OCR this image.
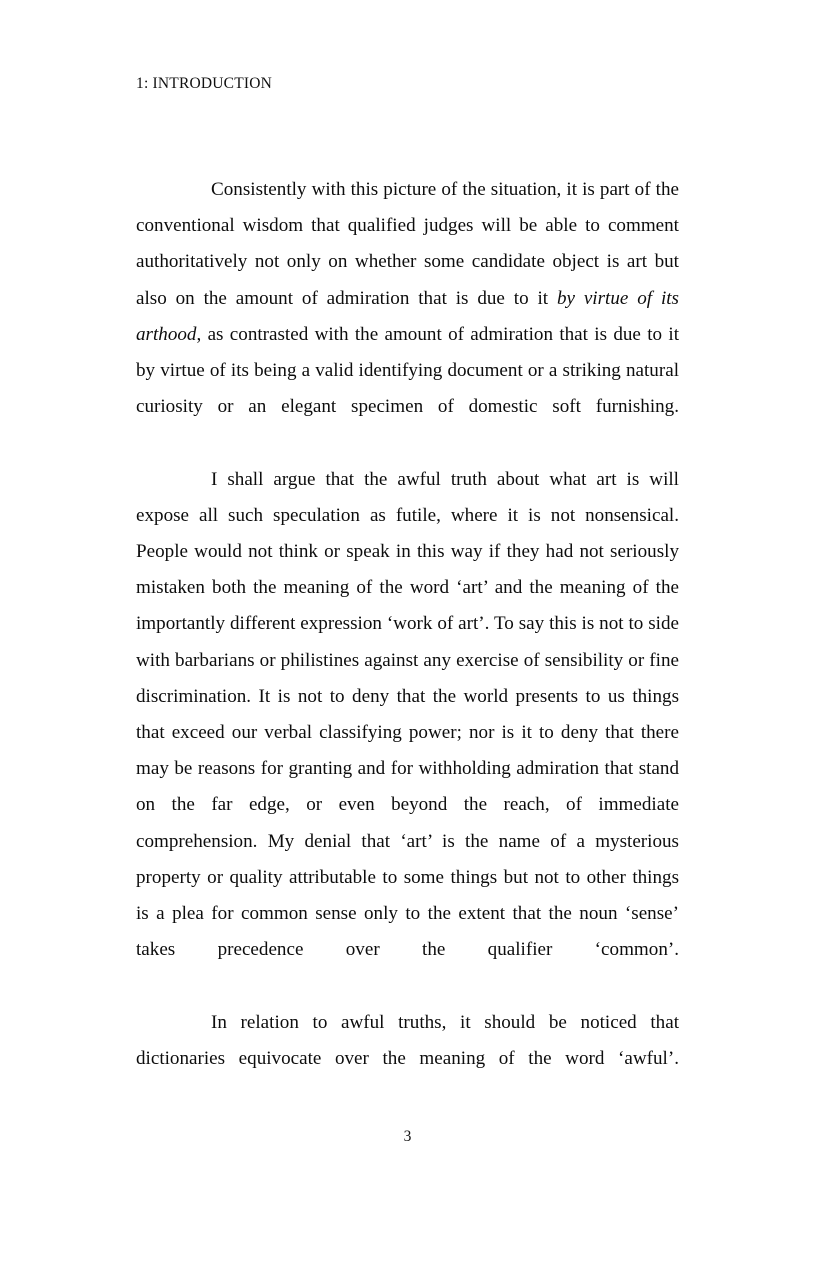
1: INTRODUCTION

Consistently with this picture of the situation, it is part of the conventional wisdom that qualified judges will be able to comment authoritatively not only on whether some candidate object is art but also on the amount of admiration that is due to it by virtue of its arthood, as contrasted with the amount of admiration that is due to it by virtue of its being a valid identifying document or a striking natural curiosity or an elegant specimen of domestic soft furnishing.

I shall argue that the awful truth about what art is will expose all such speculation as futile, where it is not nonsensical. People would not think or speak in this way if they had not seriously mistaken both the meaning of the word ‘art’ and the meaning of the importantly different expression ‘work of art’. To say this is not to side with barbarians or philistines against any exercise of sensibility or fine discrimination. It is not to deny that the world presents to us things that exceed our verbal classifying power; nor is it to deny that there may be reasons for granting and for withholding admiration that stand on the far edge, or even beyond the reach, of immediate comprehension. My denial that ‘art’ is the name of a mysterious property or quality attributable to some things but not to other things is a plea for common sense only to the extent that the noun ‘sense’ takes precedence over the qualifier ‘common’.

In relation to awful truths, it should be noticed that dictionaries equivocate over the meaning of the word ‘awful’.

3
